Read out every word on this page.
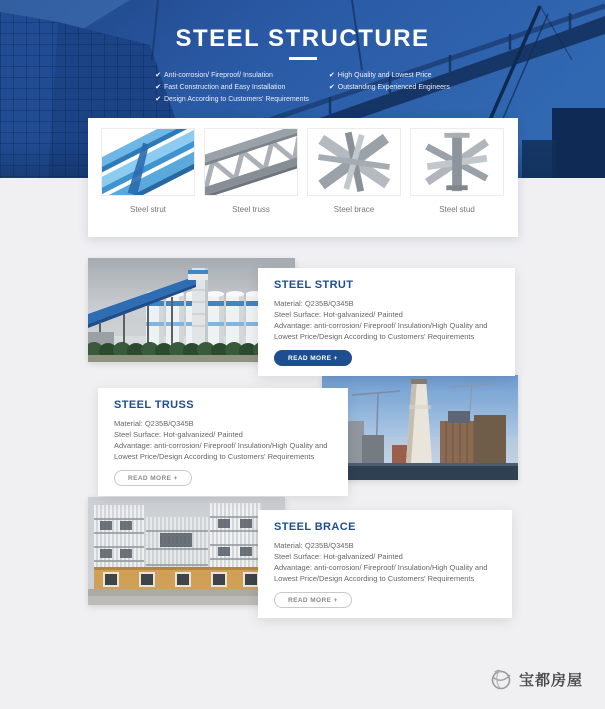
STEEL STRUCTURE
✔ Anti-corrosion/ Fireproof/ Insulation
✔ Fast Construction and Easy Installation
✔ Design According to Customers' Requirements
✔ High Quality and Lowest Price
✔ Outstanding Experienced Engineers
Steel strut	Steel truss	Steel brace	Steel stud
STEEL STRUT

Material: Q235B/Q345B

Steel Surface: Hot-galvanized/ Painted

Advantage: anti-corrosion/ Fireproof/ Insulation/High Quality and Lowest Price/Design According to Customers' Requirements

READ MORE +
STEEL TRUSS

Material: Q235B/Q345B

Steel Surface: Hot-galvanized/ Painted

Advantage: anti-corrosion/ Fireproof/ Insulation/High Quality and Lowest Price/Design According to Customers' Requirements

READ MORE +
STEEL BRACE

Material: Q235B/Q345B

Steel Surface: Hot-galvanized/ Painted

Advantage: anti-corrosion/ Fireproof/ Insulation/High Quality and Lowest Price/Design According to Customers' Requirements

READ MORE +
宝都房屋
